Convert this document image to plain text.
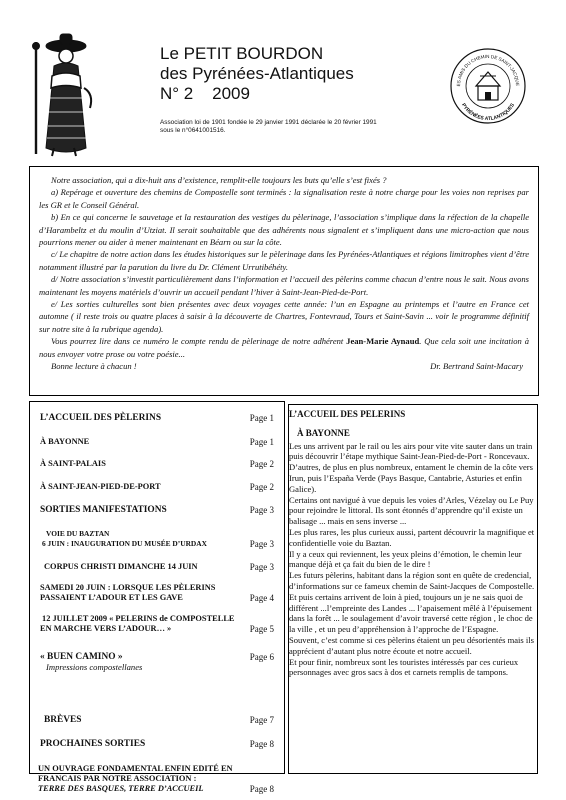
Le PETIT BOURDON
des Pyrénées-Atlantiques
N° 2    2009
Association loi de 1901 fondée le 29 janvier 1991 déclarée le 20 février 1991
sous le n°0641001516.
ES AMIS DU CHEMIN DE SAINT-JACQUE
PYRÉNÉES ATLANTIQUES

Notre association, qui a dix-huit ans d’existence, remplit-elle toujours les buts qu’elle s’est fixés ?

a) Repérage et ouverture des chemins de Compostelle sont terminés : la signalisation reste à notre charge pour les voies non reprises par les GR et le Conseil Général.

b) En ce qui concerne le sauvetage et la restauration des vestiges du pèlerinage, l’association s’implique dans la réfection de la chapelle d’Harambeltz et du moulin d’Utziat. Il serait souhaitable que des adhérents nous signalent et s’impliquent dans une micro-action que nous pourrions mener ou aider à mener maintenant en Béarn ou sur la côte.

c/ Le chapitre de notre action dans les études historiques sur le pèlerinage dans les Pyrénées-Atlantiques et régions limitrophes vient d’être notamment illustré par la parution du livre du Dr. Clément Urrutibéhéty.

d/ Notre association s’investit particulièrement dans l’information et l’accueil des pèlerins comme chacun d’entre nous le sait. Nous avons maintenant les moyens matériels d’ouvrir un accueil pendant l’hiver à Saint-Jean-Pied-de-Port.

e/ Les sorties culturelles sont bien présentes avec deux voyages cette année: l’un en Espagne au printemps et l’autre en France cet automne ( il reste trois ou quatre places à saisir à la découverte de Chartres, Fontevraud, Tours et Saint-Savin ... voir le programme définitif sur notre site à la rubrique agenda).

Vous pourrez lire dans ce numéro le compte rendu de pèlerinage de notre adhérent Jean-Marie Aynaud. Que cela soit une incitation à nous envoyer votre prose ou votre poésie...

Bonne lecture à chacun !	Dr. Bertrand Saint-Macary
L’ACCUEIL DES PÈLERINS	Page 1
À BAYONNE	Page 1
À SAINT-PALAIS	Page 2
À SAINT-JEAN-PIED-DE-PORT	Page 2
SORTIES MANIFESTATIONS	Page 3
VOIE DU BAZTAN
6 JUIN : INAUGURATION DU MUSÉE D’URDAX	Page 3
CORPUS CHRISTI DIMANCHE 14 JUIN	Page 3
SAMEDI 20 JUIN : LORSQUE LES PÈLERINS
PASSAIENT L’ADOUR ET LES GAVE	Page 4
12 JUILLET 2009 « PELERINS de COMPOSTELLE
EN MARCHE VERS L’ADOUR… »	Page 5
« BUEN CAMINO »
Impressions compostellanes
Page 6
BRÈVES	Page 7
PROCHAINES SORTIES	Page 8
UN OUVRAGE FONDAMENTAL ENFIN EDITÉ EN
FRANCAIS PAR NOTRE ASSOCIATION :
TERRE DES BASQUES, TERRE D’ACCUEIL	Page 8
L’ACCUEIL DES PELERINS
À BAYONNE

Les uns arrivent par le rail ou les airs pour vite vite sauter dans un train puis découvrir l’étape mythique Saint-Jean-Pied-de-Port - Roncevaux.

D’autres, de plus en plus nombreux, entament le chemin de la côte vers Irun, puis l’España Verde (Pays Basque, Cantabrie, Asturies et enfin Galice).

Certains ont navigué à vue depuis les voies d’Arles, Vézelay ou Le Puy pour rejoindre le littoral. Ils sont étonnés d’apprendre qu’il existe un balisage ... mais en sens inverse ...

Les plus rares, les plus curieux aussi, partent découvrir la magnifique et confidentielle voie du Baztan.

Il y a ceux qui reviennent, les yeux pleins d’émotion, le chemin leur manque déjà et ça fait du bien de le dire !

Les futurs pèlerins, habitant dans la région sont en quête de credencial, d’informations sur ce fameux chemin de Saint-Jacques de Compostelle.

Et puis certains arrivent de loin à pied, toujours un je ne sais quoi de différent ...l’empreinte des Landes ... l’apaisement mêlé à l’épuisement dans la forêt ... le soulagement d’avoir traversé cette région , le choc de la ville , et un peu d’appréhension à l’approche de l’Espagne.

Souvent, c’est comme si ces pèlerins étaient un peu désorientés mais ils apprécient d’autant plus notre écoute et notre accueil.

Et pour finir, nombreux sont les touristes intéressés par ces curieux personnages avec gros sacs à dos et carnets remplis de tampons.
